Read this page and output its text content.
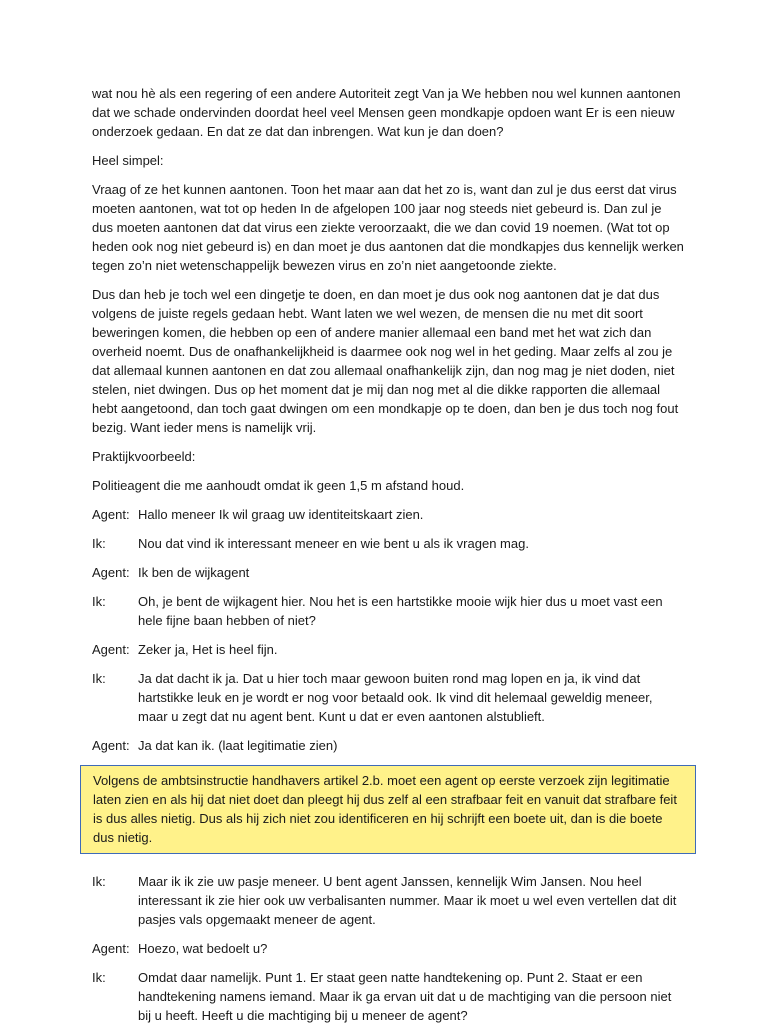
wat nou hè als een regering of een andere Autoriteit zegt Van ja We hebben nou wel kunnen aantonen dat we schade ondervinden doordat heel veel Mensen geen mondkapje opdoen want Er is een nieuw onderzoek gedaan. En dat ze dat dan inbrengen. Wat kun je dan doen?

Heel simpel:

Vraag of ze het kunnen aantonen. Toon het maar aan dat het zo is, want dan zul je dus eerst dat virus moeten aantonen, wat tot op heden In de afgelopen 100 jaar nog steeds niet gebeurd is. Dan zul je dus moeten aantonen dat dat virus een ziekte veroorzaakt, die we dan covid 19 noemen. (Wat tot op heden ook nog niet gebeurd is) en dan moet je dus aantonen dat die mondkapjes dus kennelijk werken tegen zo’n niet wetenschappelijk bewezen virus en zo’n niet aangetoonde ziekte.

Dus dan heb je toch wel een dingetje te doen, en dan moet je dus ook nog aantonen dat je dat dus volgens de juiste regels gedaan hebt. Want laten we wel wezen, de mensen die nu met dit soort beweringen komen, die hebben op een of andere manier allemaal een band met het wat zich dan overheid noemt. Dus de onafhankelijkheid is daarmee ook nog wel in het geding. Maar zelfs al zou je dat allemaal kunnen aantonen en dat zou allemaal onafhankelijk zijn, dan nog mag je niet doden, niet stelen, niet dwingen. Dus op het moment dat je mij dan nog met al die dikke rapporten die allemaal hebt aangetoond, dan toch gaat dwingen om een mondkapje op te doen, dan ben je dus toch nog fout bezig. Want ieder mens is namelijk vrij.

Praktijkvoorbeeld:

Politieagent die me aanhoudt omdat ik geen 1,5 m afstand houd.

Agent: Hallo meneer Ik wil graag uw identiteitskaart zien.
Ik:	Nou dat vind ik interessant meneer en wie bent u als ik vragen mag.
Agent: Ik ben de wijkagent
Ik:	Oh, je bent de wijkagent hier. Nou het is een hartstikke mooie wijk hier dus u moet vast een hele fijne baan hebben of niet?
Agent: Zeker ja, Het is heel fijn.
Ik:	Ja dat dacht ik ja. Dat u hier toch maar gewoon buiten rond mag lopen en ja, ik vind dat hartstikke leuk en je wordt er nog voor betaald ook. Ik vind dit helemaal geweldig meneer, maar u zegt dat nu agent bent. Kunt u dat er even aantonen alstublieft.
Agent: Ja dat kan ik. (laat legitimatie zien)
Volgens de ambtsinstructie handhavers artikel 2.b. moet een agent op eerste verzoek zijn legitimatie laten zien en als hij dat niet doet dan pleegt hij dus zelf al een strafbaar feit en vanuit dat strafbare feit is dus alles nietig. Dus als hij zich niet zou identificeren en hij schrijft een boete uit, dan is die boete dus nietig.
Ik:	Maar ik ik zie uw pasje meneer. U bent agent Janssen, kennelijk Wim Jansen. Nou heel interessant ik zie hier ook uw verbalisanten nummer. Maar ik moet u wel even vertellen dat dit pasjes vals opgemaakt meneer de agent.
Agent: Hoezo, wat bedoelt u?
Ik:	Omdat daar namelijk. Punt 1. Er staat geen natte handtekening op. Punt 2. Staat er een handtekening namens iemand. Maar ik ga ervan uit dat u de machtiging van die persoon niet bij u heeft. Heeft u die machtiging bij u meneer de agent?
